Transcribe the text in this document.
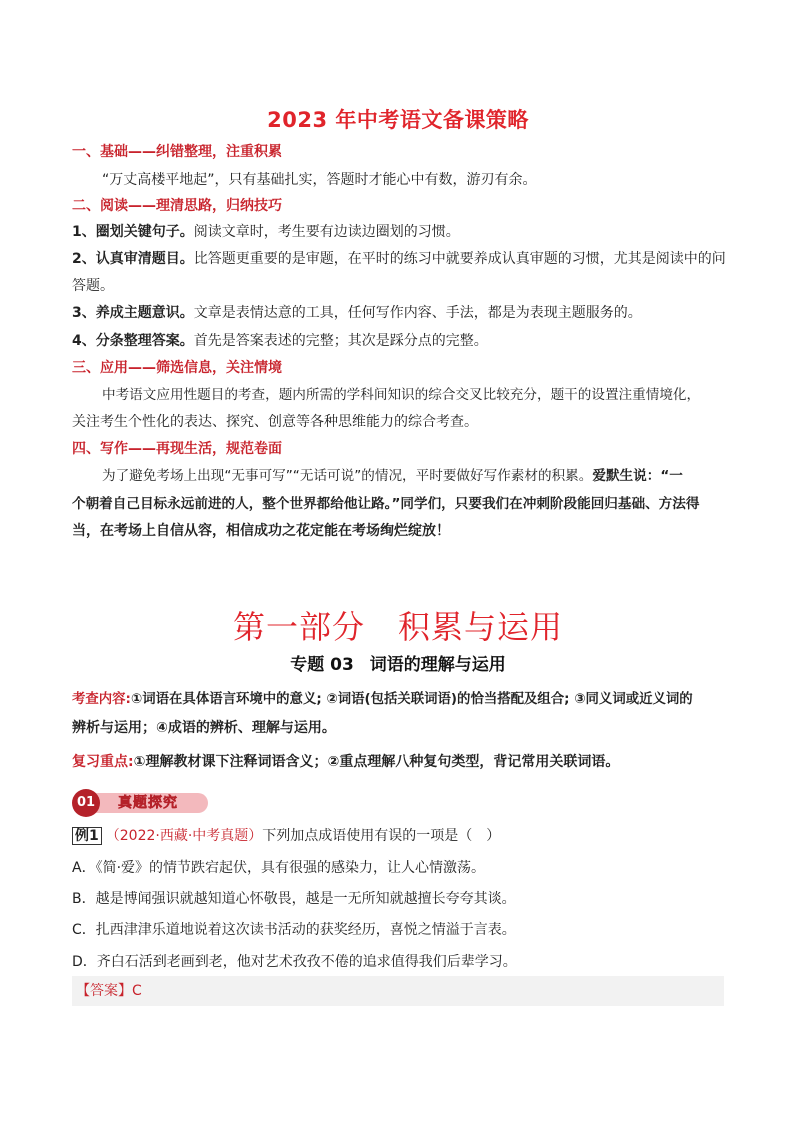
2023 年中考语文备课策略
一、基础——纠错整理，注重积累
“万丈高楼平地起”，只有基础扎实，答题时才能心中有数，游刃有余。
二、阅读——理清思路，归纳技巧
1、圈划关键句子。阅读文章时，考生要有边读边圈划的习惯。
2、认真审清题目。比答题更重要的是审题，在平时的练习中就要养成认真审题的习惯，尤其是阅读中的问
答题。
3、养成主题意识。文章是表情达意的工具，任何写作内容、手法，都是为表现主题服务的。
4、分条整理答案。首先是答案表述的完整；其次是踩分点的完整。
三、应用——筛选信息，关注情境
中考语文应用性题目的考查，题内所需的学科间知识的综合交叉比较充分，题干的设置注重情境化，
关注考生个性化的表达、探究、创意等各种思维能力的综合考查。
四、写作——再现生活，规范卷面
为了避免考场上出现“无事可写”“无话可说”的情况，平时要做好写作素材的积累。爱默生说：“一
个朝着自己目标永远前进的人，整个世界都给他让路。”同学们，只要我们在冲刺阶段能回归基础、方法得
当，在考场上自信从容，相信成功之花定能在考场绚烂绽放！
第一部分　积累与运用
专题 03 词语的理解与运用
考查内容:①词语在具体语言环境中的意义; ②词语(包括关联词语)的恰当搭配及组合; ③同义词或近义词的
辨析与运用；④成语的辨析、理解与运用。
复习重点:①理解教材课下注释词语含义；②重点理解八种复句类型，背记常用关联词语。
真题探究
01
例1 （2022·西藏·中考真题）下列加点成语使用有误的一项是（　）
A．《简·爱》的情节跌宕起伏，具有很强的感染力，让人心情激荡。
B．越是博闻强识就越知道心怀敬畏，越是一无所知就越擅长夸夸其谈。
C．扎西津津乐道地说着这次读书活动的获奖经历，喜悦之情溢于言表。
D．齐白石活到老画到老，他对艺术孜孜不倦的追求值得我们后辈学习。
【答案】C
